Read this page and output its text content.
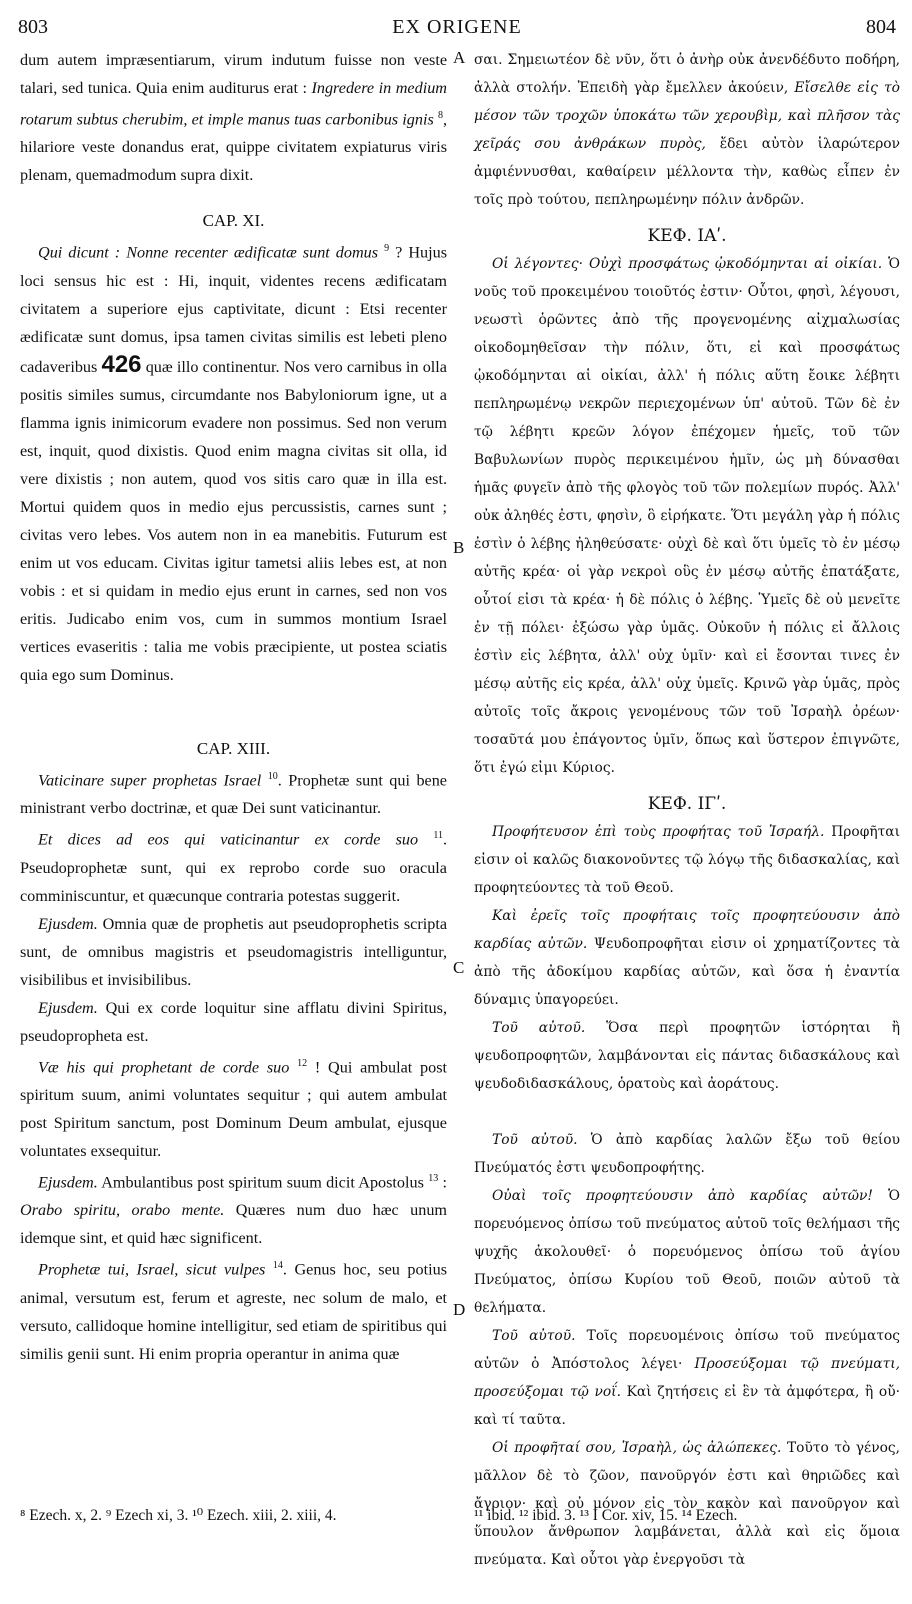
803	EX ORIGENE	804
A
B
C
D

dum autem impræsentiarum, virum indutum fuisse non veste talari, sed tunica. Quia enim auditurus erat : Ingredere in medium rotarum subtus cherubim, et imple manus tuas carbonibus ignis $^8$, hilariore veste donandus erat, quippe civitatem expiaturus viris plenam, quemadmodum supra dixit.

CAP. XI.

Qui dicunt : Nonne recenter ædificatæ sunt domus $^9$ ? Hujus loci sensus hic est : Hi, inquit, videntes recens ædificatam civitatem a superiore ejus captivitate, dicunt : Etsi recenter ædificatæ sunt domus, ipsa tamen civitas similis est lebeti pleno cadaveribus 426 quæ illo continentur. Nos vero carnibus in olla positis similes sumus, circumdante nos Babyloniorum igne, ut a flamma ignis inimicorum evadere non possimus. Sed non verum est, inquit, quod dixistis. Quod enim magna civitas sit olla, id vere dixistis ; non autem, quod vos sitis caro quæ in illa est. Mortui quidem quos in medio ejus percussistis, carnes sunt ; civitas vero lebes. Vos autem non in ea manebitis. Futurum est enim ut vos educam. Civitas igitur tametsi aliis lebes est, at non vobis : et si quidam in medio ejus erunt in carnes, sed non vos eritis. Judicabo enim vos, cum in summos montium Israel vertices evaseritis : talia me vobis præcipiente, ut postea sciatis quia ego sum Dominus.

CAP. XIII.

Vaticinare super prophetas Israel $^{10}$. Prophetæ sunt qui bene ministrant verbo doctrinæ, et quæ Dei sunt vaticinantur.

Et dices ad eos qui vaticinantur ex corde suo $^{11}$. Pseudoprophetæ sunt, qui ex reprobo corde suo oracula comminiscuntur, et quæcunque contraria potestas suggerit.

Ejusdem. Omnia quæ de prophetis aut pseudoprophetis scripta sunt, de omnibus magistris et pseudomagistris intelliguntur, visibilibus et invisibilibus.

Ejusdem. Qui ex corde loquitur sine afflatu divini Spiritus, pseudopropheta est.

Væ his qui prophetant de corde suo $^{12}$ ! Qui ambulat post spiritum suum, animi voluntates sequitur ; qui autem ambulat post Spiritum sanctum, post Dominum Deum ambulat, ejusque voluntates exsequitur.

Ejusdem. Ambulantibus post spiritum suum dicit Apostolus $^{13}$ : Orabo spiritu, orabo mente. Quæres num duo hæc unum idemque sint, et quid hæc significent.

Prophetæ tui, Israel, sicut vulpes $^{14}$. Genus hoc, seu potius animal, versutum est, ferum et agreste, nec solum de malo, et versuto, callidoque homine intelligitur, sed etiam de spiritibus qui similis genii sunt. Hi enim propria operantur in anima quæ

σαι. Σημειωτέον δὲ νῦν, ὅτι ὁ ἀνὴρ οὐκ ἀνενδέδυτο ποδήρη, ἀλλὰ στολήν. Ἐπειδὴ γὰρ ἔμελλεν ἀκούειν, Εἴσελθε εἰς τὸ μέσον τῶν τροχῶν ὑποκάτω τῶν χερουβὶμ, καὶ πλῆσον τὰς χεῖράς σου ἀνθράκων πυρὸς, ἔδει αὐτὸν ἱλαρώτερον ἀμφιέννυσθαι, καθαίρειν μέλλοντα τὴν, καθὼς εἶπεν ἐν τοῖς πρὸ τούτου, πεπληρωμένην πόλιν ἀνδρῶν.

ΚΕΦ. ΙΑʹ.

Οἱ λέγοντες· Οὐχὶ προσφάτως ᾠκοδόμηνται αἱ οἰκίαι. Ὁ νοῦς τοῦ προκειμένου τοιοῦτός ἐστιν· Οὗτοι, φησὶ, λέγουσι, νεωστὶ ὁρῶντες ἀπὸ τῆς προγενομένης αἰχμαλωσίας οἰκοδομηθεῖσαν τὴν πόλιν, ὅτι, εἰ καὶ προσφάτως ᾠκοδόμηνται αἱ οἰκίαι, ἀλλ' ἡ πόλις αὕτη ἔοικε λέβητι πεπληρωμένῳ νεκρῶν περιεχομένων ὑπ' αὐτοῦ. Τῶν δὲ ἐν τῷ λέβητι κρεῶν λόγον ἐπέχομεν ἡμεῖς, τοῦ τῶν Βαβυλωνίων πυρὸς περικειμένου ἡμῖν, ὡς μὴ δύνασθαι ἡμᾶς φυγεῖν ἀπὸ τῆς φλογὸς τοῦ τῶν πολεμίων πυρός. Ἀλλ' οὐκ ἀληθές ἐστι, φησὶν, ὃ εἰρήκατε. Ὅτι μεγάλη γὰρ ἡ πόλις ἐστὶν ὁ λέβης ἠληθεύσατε· οὐχὶ δὲ καὶ ὅτι ὑμεῖς τὸ ἐν μέσῳ αὐτῆς κρέα· οἱ γὰρ νεκροὶ οὓς ἐν μέσῳ αὐτῆς ἐπατάξατε, οὗτοί εἰσι τὰ κρέα· ἡ δὲ πόλις ὁ λέβης. Ὑμεῖς δὲ οὐ μενεῖτε ἐν τῇ πόλει· ἐξώσω γὰρ ὑμᾶς. Οὐκοῦν ἡ πόλις εἰ ἄλλοις ἐστὶν εἰς λέβητα, ἀλλ' οὐχ ὑμῖν· καὶ εἰ ἔσονται τινες ἐν μέσῳ αὐτῆς εἰς κρέα, ἀλλ' οὐχ ὑμεῖς. Κρινῶ γὰρ ὑμᾶς, πρὸς αὐτοῖς τοῖς ἄκροις γενομένους τῶν τοῦ Ἰσραὴλ ὀρέων· τοσαῦτά μου ἐπάγοντος ὑμῖν, ὅπως καὶ ὕστερον ἐπιγνῶτε, ὅτι ἐγώ εἰμι Κύριος.

ΚΕΦ. ΙΓʹ.

Προφήτευσον ἐπὶ τοὺς προφήτας τοῦ Ἰσραήλ. Προφῆται εἰσιν οἱ καλῶς διακονοῦντες τῷ λόγῳ τῆς διδασκαλίας, καὶ προφητεύοντες τὰ τοῦ Θεοῦ.

Καὶ ἐρεῖς τοῖς προφήταις τοῖς προφητεύουσιν ἀπὸ καρδίας αὐτῶν. Ψευδοπροφῆται εἰσιν οἱ χρηματίζοντες τὰ ἀπὸ τῆς ἀδοκίμου καρδίας αὐτῶν, καὶ ὅσα ἡ ἐναντία δύναμις ὑπαγορεύει.

Τοῦ αὐτοῦ. Ὅσα περὶ προφητῶν ἱστόρηται ἢ ψευδοπροφητῶν, λαμβάνονται εἰς πάντας διδασκάλους καὶ ψευδοδιδασκάλους, ὁρατοὺς καὶ ἀοράτους.

Τοῦ αὐτοῦ. Ὁ ἀπὸ καρδίας λαλῶν ἔξω τοῦ θείου Πνεύματός ἐστι ψευδοπροφήτης.

Οὐαὶ τοῖς προφητεύουσιν ἀπὸ καρδίας αὐτῶν! Ὁ πορευόμενος ὀπίσω τοῦ πνεύματος αὐτοῦ τοῖς θελήμασι τῆς ψυχῆς ἀκολουθεῖ· ὁ πορευόμενος ὀπίσω τοῦ ἁγίου Πνεύματος, ὀπίσω Κυρίου τοῦ Θεοῦ, ποιῶν αὐτοῦ τὰ θελήματα.

Τοῦ αὐτοῦ. Τοῖς πορευομένοις ὀπίσω τοῦ πνεύματος αὐτῶν ὁ Ἀπόστολος λέγει· Προσεύξομαι τῷ πνεύματι, προσεύξομαι τῷ νοΐ. Καὶ ζητήσεις εἰ ἓν τὰ ἀμφότερα, ἢ οὔ· καὶ τί ταῦτα.

Οἱ προφῆταί σου, Ἰσραὴλ, ὡς ἀλώπεκες. Τοῦτο τὸ γένος, μᾶλλον δὲ τὸ ζῶον, πανοῦργόν ἐστι καὶ θηριῶδες καὶ ἄγριον· καὶ οὐ μόνον εἰς τὸν κακὸν καὶ πανοῦργον καὶ ὕπουλον ἄνθρωπον λαμβάνεται, ἀλλὰ καὶ εἰς ὅμοια πνεύματα. Καὶ οὗτοι γὰρ ἐνεργοῦσι τὰ

⁸ Ezech. x, 2. ⁹ Ezech xi, 3. ¹⁰ Ezech. xiii, 2. xiii, 4.	¹¹ ibid. ¹² ibid. 3. ¹³ I Cor. xiv, 15. ¹⁴ Ezech.
